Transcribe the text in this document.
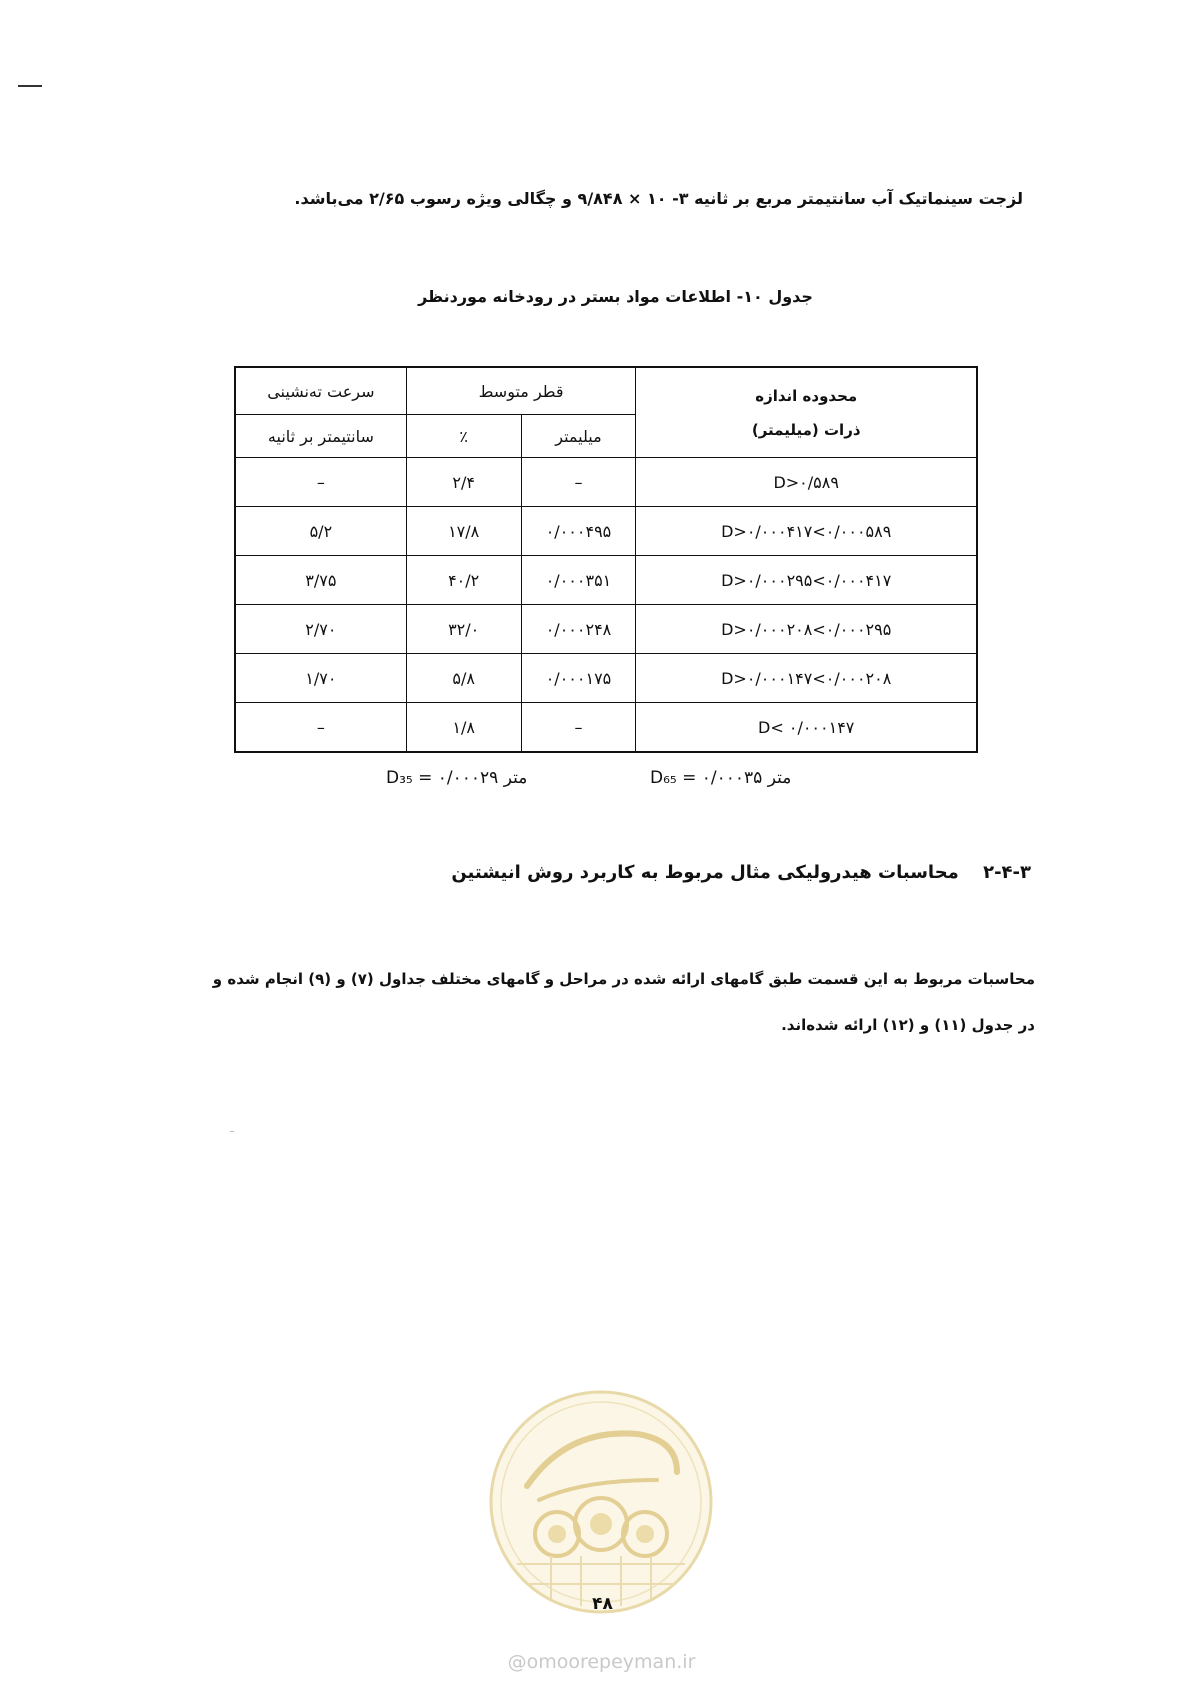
لزجت سینماتیک آب سانتیمتر مربع بر ثانیه ۳- ۱۰ × ۹/۸۴۸ و چگالی ویژه رسوب ۲/۶۵ می‌باشد.
جدول ۱۰- اطلاعات مواد بستر در رودخانه موردنظر
محدوده اندازه
ذرات (میلیمتر)	قطر متوسط		سرعت ته‌نشینی
	میلیمتر	٪	سانتیمتر بر ثانیه
D>۰/۵۸۹	–	۲/۴	–
۰/۰۰۰۵۸۹>D>۰/۰۰۰۴۱۷	۰/۰۰۰۴۹۵	۱۷/۸	۵/۲
۰/۰۰۰۴۱۷>D>۰/۰۰۰۲۹۵	۰/۰۰۰۳۵۱	۴۰/۲	۳/۷۵
۰/۰۰۰۲۹۵>D>۰/۰۰۰۲۰۸	۰/۰۰۰۲۴۸	۳۲/۰	۲/۷۰
۰/۰۰۰۲۰۸>D>۰/۰۰۰۱۴۷	۰/۰۰۰۱۷۵	۵/۸	۱/۷۰
۰/۰۰۰۱۴۷ >D	–	۱/۸	–
متر D₆₅ = ۰/۰۰۰۳۵
متر D₃₅ = ۰/۰۰۰۲۹
۲-۴-۳ محاسبات هیدرولیکی مثال مربوط به کاربرد روش انیشتین
محاسبات مربوط به این قسمت طبق گامهای ارائه شده در مراحل و گامهای مختلف جداول (۷) و (۹) انجام شده و
در جدول (۱۱) و (۱۲) ارائه شده‌اند.
۴۸
@omoorepeyman.ir
